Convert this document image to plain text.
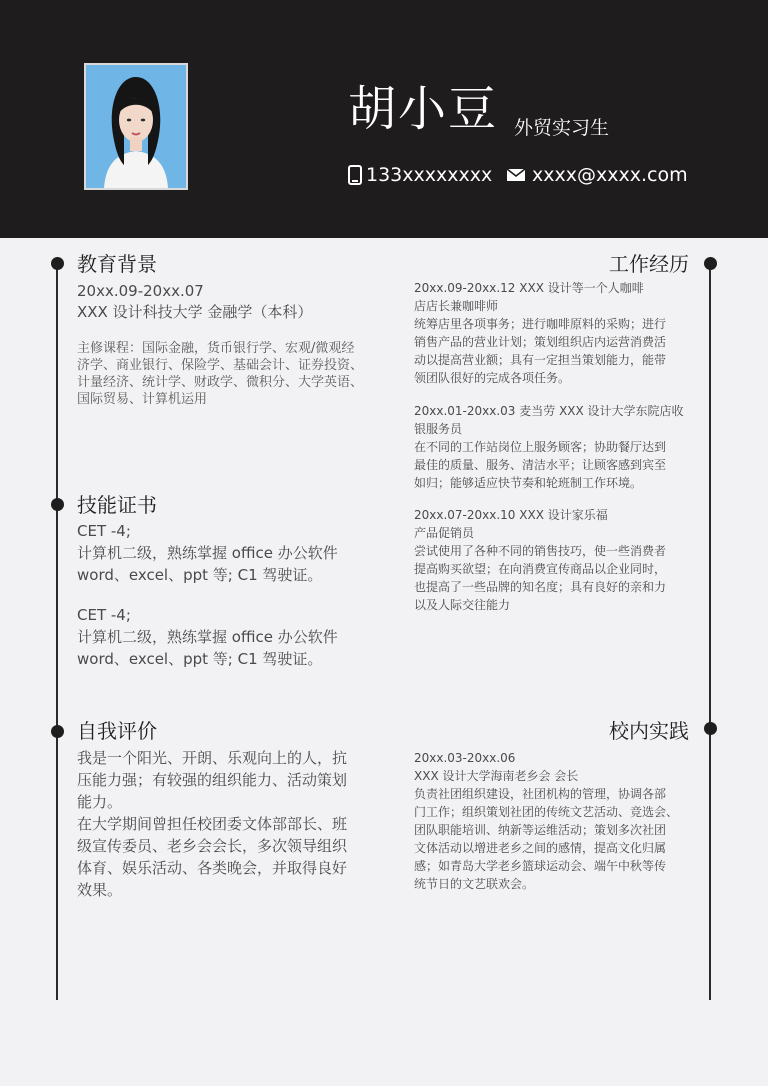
胡小豆 外贸实习生
133xxxxxxxx xxxx@xxxx.com
教育背景
20xx.09-20xx.07
XXX 设计科技大学 金融学（本科）
主修课程：国际金融，货币银行学、宏观/微观经
济学、商业银行、保险学、基础会计、证券投资、
计量经济、统计学、财政学、微积分、大学英语、
国际贸易、计算机运用
技能证书
CET -4;
计算机二级，熟练掌握 office 办公软件
word、excel、ppt 等; C1 驾驶证。
CET -4;
计算机二级，熟练掌握 office 办公软件
word、excel、ppt 等; C1 驾驶证。
自我评价
我是一个阳光、开朗、乐观向上的人，抗
压能力强；有较强的组织能力、活动策划
能力。
在大学期间曾担任校团委文体部部长、班
级宣传委员、老乡会会长，多次领导组织
体育、娱乐活动、各类晚会，并取得良好
效果。
工作经历
20xx.09-20xx.12 XXX 设计等一个人咖啡
店店长兼咖啡师
统筹店里各项事务；进行咖啡原料的采购；进行
销售产品的营业计划；策划组织店内运营消费活
动以提高营业额；具有一定担当策划能力，能带
领团队很好的完成各项任务。
20xx.01-20xx.03 麦当劳 XXX 设计大学东院店收
银服务员
在不同的工作站岗位上服务顾客；协助餐厅达到
最佳的质量、服务、清洁水平；让顾客感到宾至
如归；能够适应快节奏和轮班制工作环境。
20xx.07-20xx.10 XXX 设计家乐福
产品促销员
尝试使用了各种不同的销售技巧，使一些消费者
提高购买欲望；在向消费宣传商品以企业同时，
也提高了一些品牌的知名度；具有良好的亲和力
以及人际交往能力
校内实践
20xx.03-20xx.06
XXX 设计大学海南老乡会 会长
负责社团组织建设，社团机构的管理，协调各部
门工作；组织策划社团的传统文艺活动、竞选会、
团队职能培训、纳新等运维活动；策划多次社团
文体活动以增进老乡之间的感情，提高文化归属
感；如青岛大学老乡篮球运动会、端午中秋等传
统节日的文艺联欢会。
